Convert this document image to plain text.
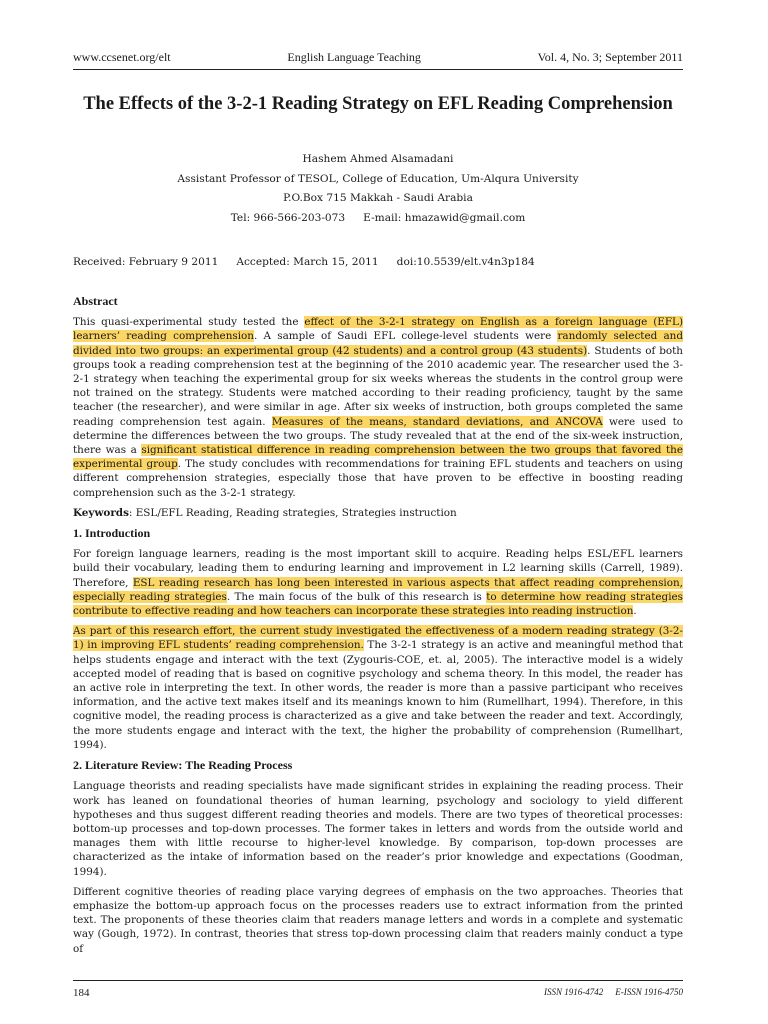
www.ccsenet.org/elt	English Language Teaching	Vol. 4, No. 3; September 2011
The Effects of the 3-2-1 Reading Strategy on EFL Reading Comprehension
Hashem Ahmed Alsamadani
Assistant Professor of TESOL, College of Education, Um-Alqura University
P.O.Box 715 Makkah - Saudi Arabia
Tel: 966-566-203-073 E-mail: hmazawid@gmail.com
Received: February 9 2011 Accepted: March 15, 2011 doi:10.5539/elt.v4n3p184
Abstract

This quasi-experimental study tested the effect of the 3-2-1 strategy on English as a foreign language (EFL) learners’ reading comprehension. A sample of Saudi EFL college-level students were randomly selected and divided into two groups: an experimental group (42 students) and a control group (43 students). Students of both groups took a reading comprehension test at the beginning of the 2010 academic year. The researcher used the 3-2-1 strategy when teaching the experimental group for six weeks whereas the students in the control group were not trained on the strategy. Students were matched according to their reading proficiency, taught by the same teacher (the researcher), and were similar in age. After six weeks of instruction, both groups completed the same reading comprehension test again. Measures of the means, standard deviations, and ANCOVA were used to determine the differences between the two groups. The study revealed that at the end of the six-week instruction, there was a significant statistical difference in reading comprehension between the two groups that favored the experimental group. The study concludes with recommendations for training EFL students and teachers on using different comprehension strategies, especially those that have proven to be effective in boosting reading comprehension such as the 3-2-1 strategy.

Keywords: ESL/EFL Reading, Reading strategies, Strategies instruction

1. Introduction

For foreign language learners, reading is the most important skill to acquire. Reading helps ESL/EFL learners build their vocabulary, leading them to enduring learning and improvement in L2 learning skills (Carrell, 1989). Therefore, ESL reading research has long been interested in various aspects that affect reading comprehension, especially reading strategies. The main focus of the bulk of this research is to determine how reading strategies contribute to effective reading and how teachers can incorporate these strategies into reading instruction.

As part of this research effort, the current study investigated the effectiveness of a modern reading strategy (3-2-1) in improving EFL students’ reading comprehension. The 3-2-1 strategy is an active and meaningful method that helps students engage and interact with the text (Zygouris-COE, et. al, 2005). The interactive model is a widely accepted model of reading that is based on cognitive psychology and schema theory. In this model, the reader has an active role in interpreting the text. In other words, the reader is more than a passive participant who receives information, and the active text makes itself and its meanings known to him (Rumellhart, 1994). Therefore, in this cognitive model, the reading process is characterized as a give and take between the reader and text. Accordingly, the more students engage and interact with the text, the higher the probability of comprehension (Rumellhart, 1994).

2. Literature Review: The Reading Process

Language theorists and reading specialists have made significant strides in explaining the reading process. Their work has leaned on foundational theories of human learning, psychology and sociology to yield different hypotheses and thus suggest different reading theories and models. There are two types of theoretical processes: bottom-up processes and top-down processes. The former takes in letters and words from the outside world and manages them with little recourse to higher-level knowledge. By comparison, top-down processes are characterized as the intake of information based on the reader’s prior knowledge and expectations (Goodman, 1994).

Different cognitive theories of reading place varying degrees of emphasis on the two approaches. Theories that emphasize the bottom-up approach focus on the processes readers use to extract information from the printed text. The proponents of these theories claim that readers manage letters and words in a complete and systematic way (Gough, 1972). In contrast, theories that stress top-down processing claim that readers mainly conduct a type of

184	ISSN 1916-4742 E-ISSN 1916-4750
